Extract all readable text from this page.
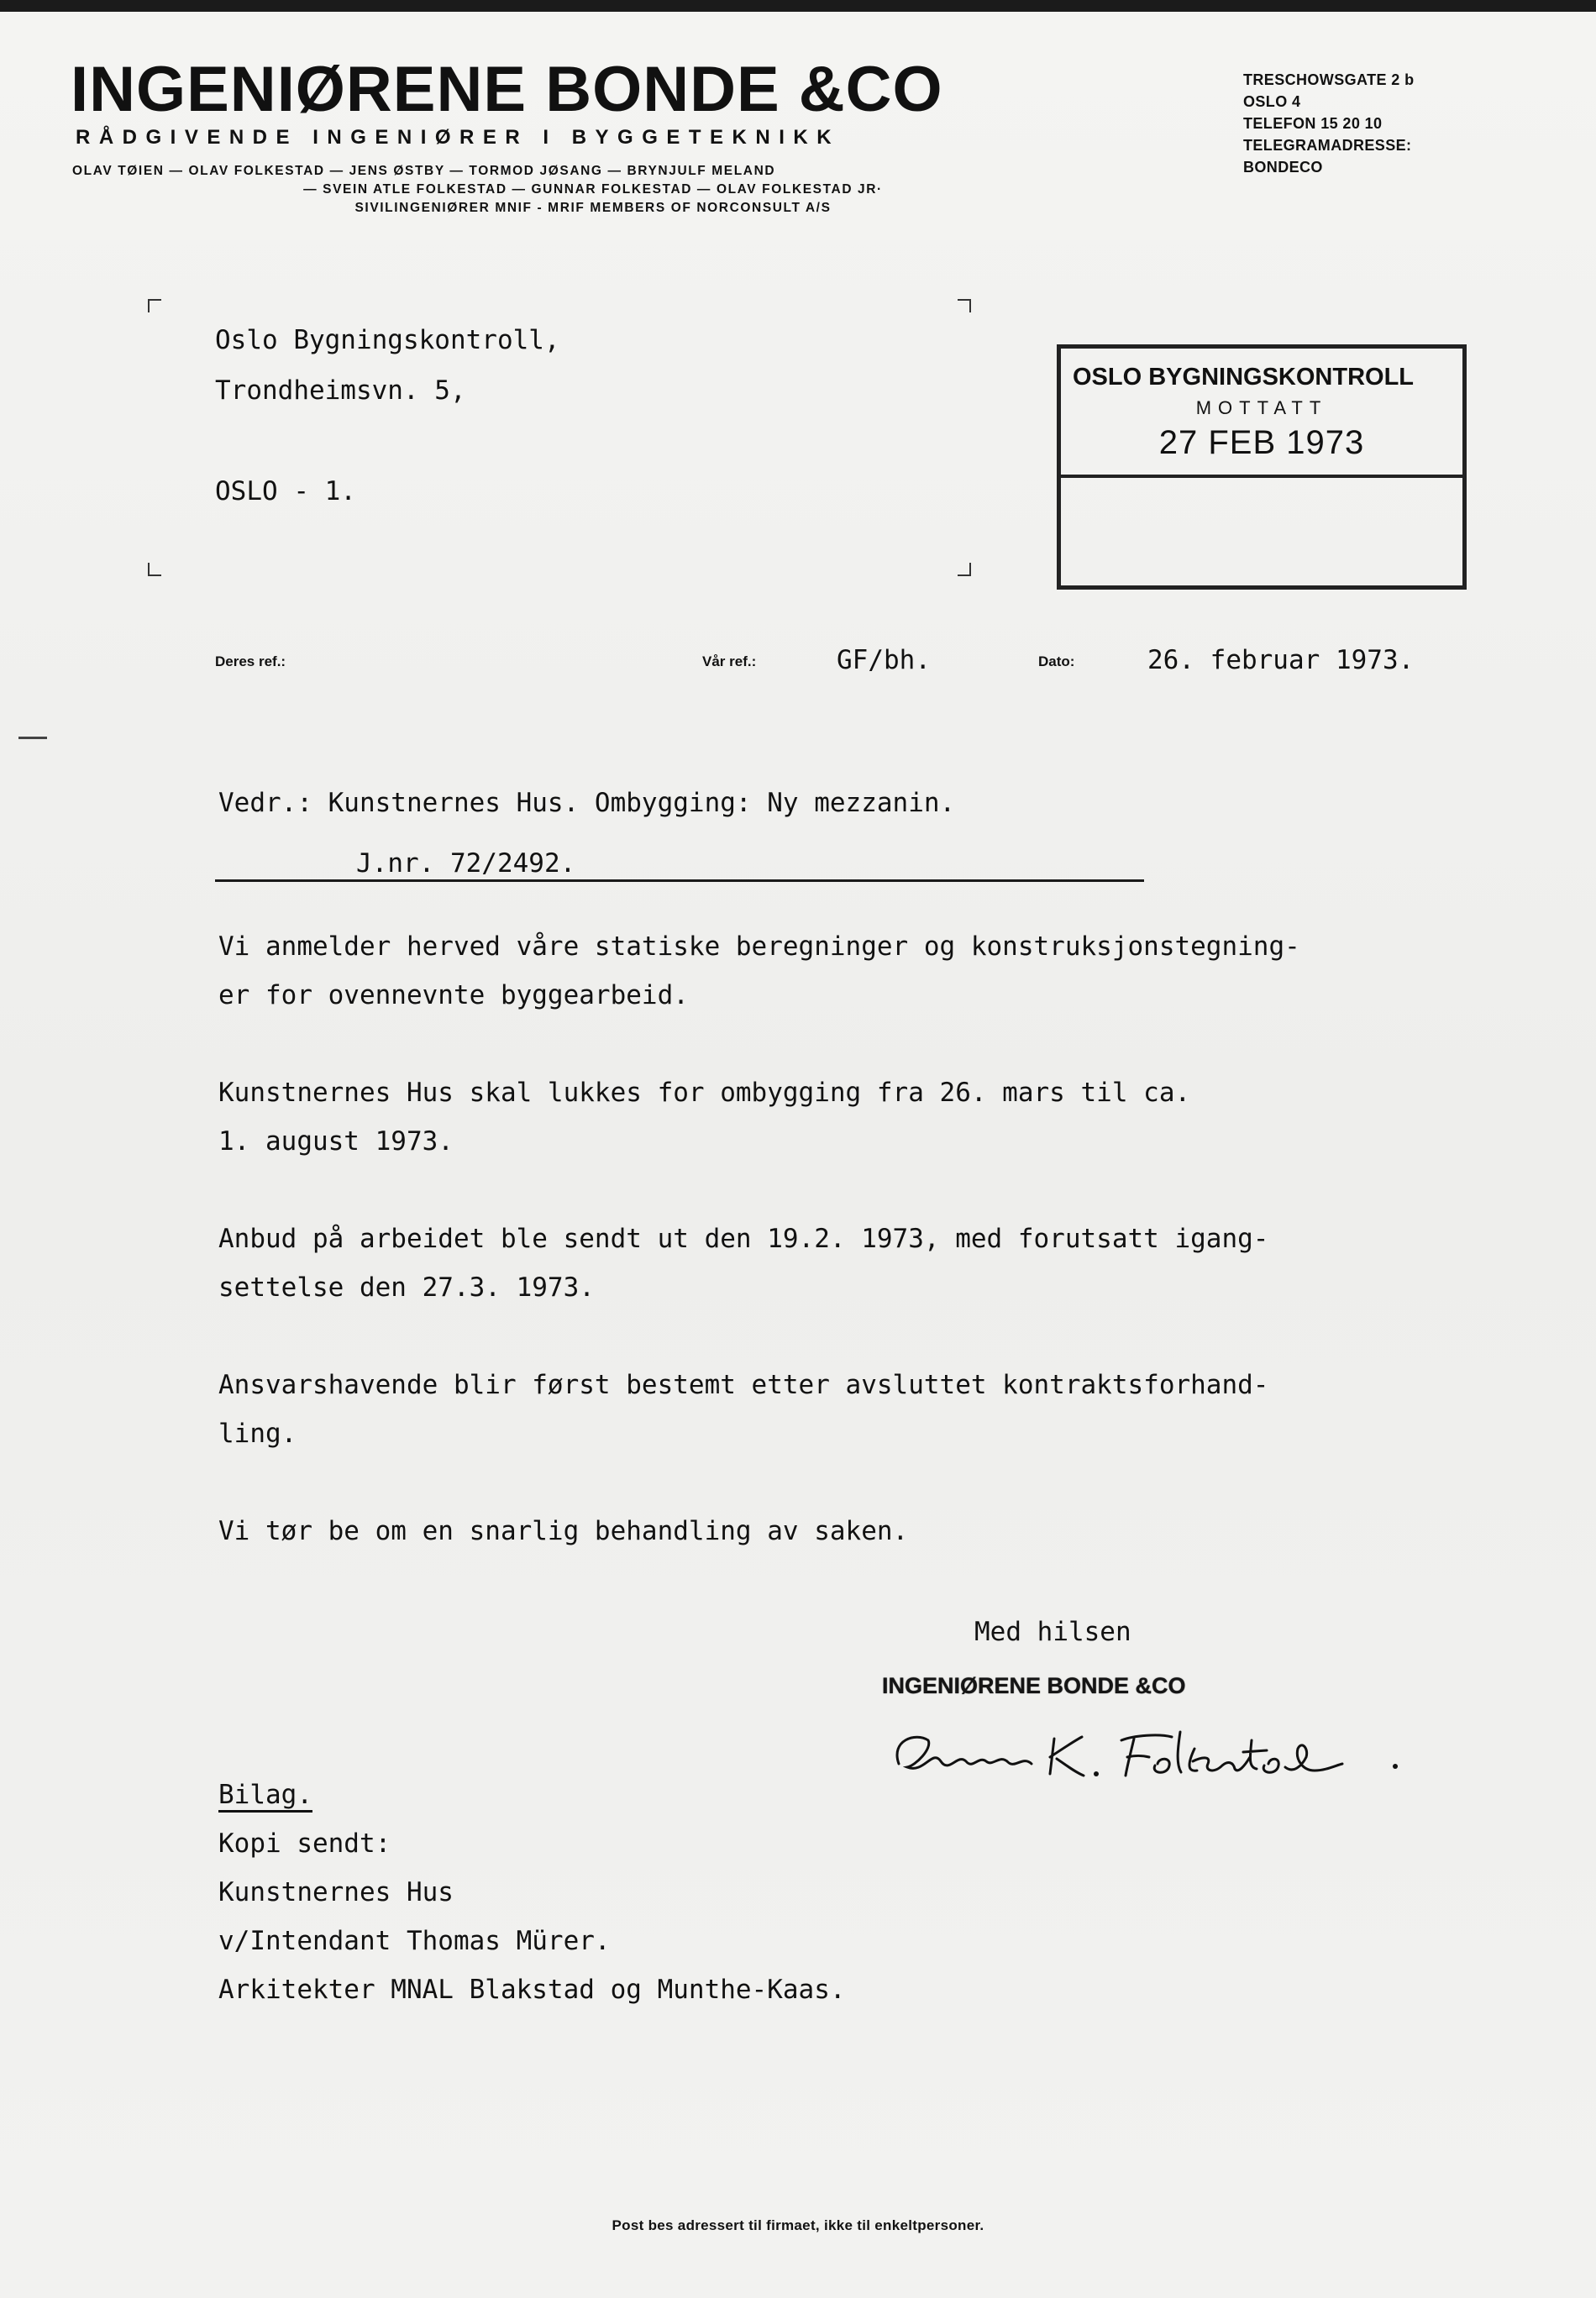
INGENIØRENE BONDE &CO
RÅDGIVENDE INGENIØRER I BYGGETEKNIKK
OLAV TØIEN — OLAV FOLKESTAD — JENS ØSTBY — TORMOD JØSANG — BRYNJULF MELAND
— SVEIN ATLE FOLKESTAD — GUNNAR FOLKESTAD — OLAV FOLKESTAD JR·
SIVILINGENIØRER MNIF - MRIF MEMBERS OF NORCONSULT A/S
TRESCHOWSGATE 2 b
OSLO 4
TELEFON 15 20 10
TELEGRAMADRESSE:
BONDECO
Oslo Bygningskontroll,
Trondheimsvn. 5,
OSLO - 1.
OSLO BYGNINGSKONTROLL
MOTTATT
27 FEB 1973
Deres ref.:	Vår ref.:	GF/bh.	Dato:	26. februar 1973.
Vedr.: Kunstnernes Hus. Ombygging: Ny mezzanin.
J.nr. 72/2492.
Vi anmelder herved våre statiske beregninger og konstruksjonstegning-
er for ovennevnte byggearbeid.
Kunstnernes Hus skal lukkes for ombygging fra 26. mars til ca.
1. august 1973.
Anbud på arbeidet ble sendt ut den 19.2. 1973, med forutsatt igang-
settelse den 27.3. 1973.
Ansvarshavende blir først bestemt etter avsluttet kontraktsforhand-
ling.
Vi tør be om en snarlig behandling av saken.
Med hilsen
INGENIØRENE BONDE &CO
Gunnar K. Folkestad
Bilag.
Kopi sendt:
Kunstnernes Hus
v/Intendant Thomas Mürer.
Arkitekter MNAL Blakstad og Munthe-Kaas.
Post bes adressert til firmaet, ikke til enkeltpersoner.
